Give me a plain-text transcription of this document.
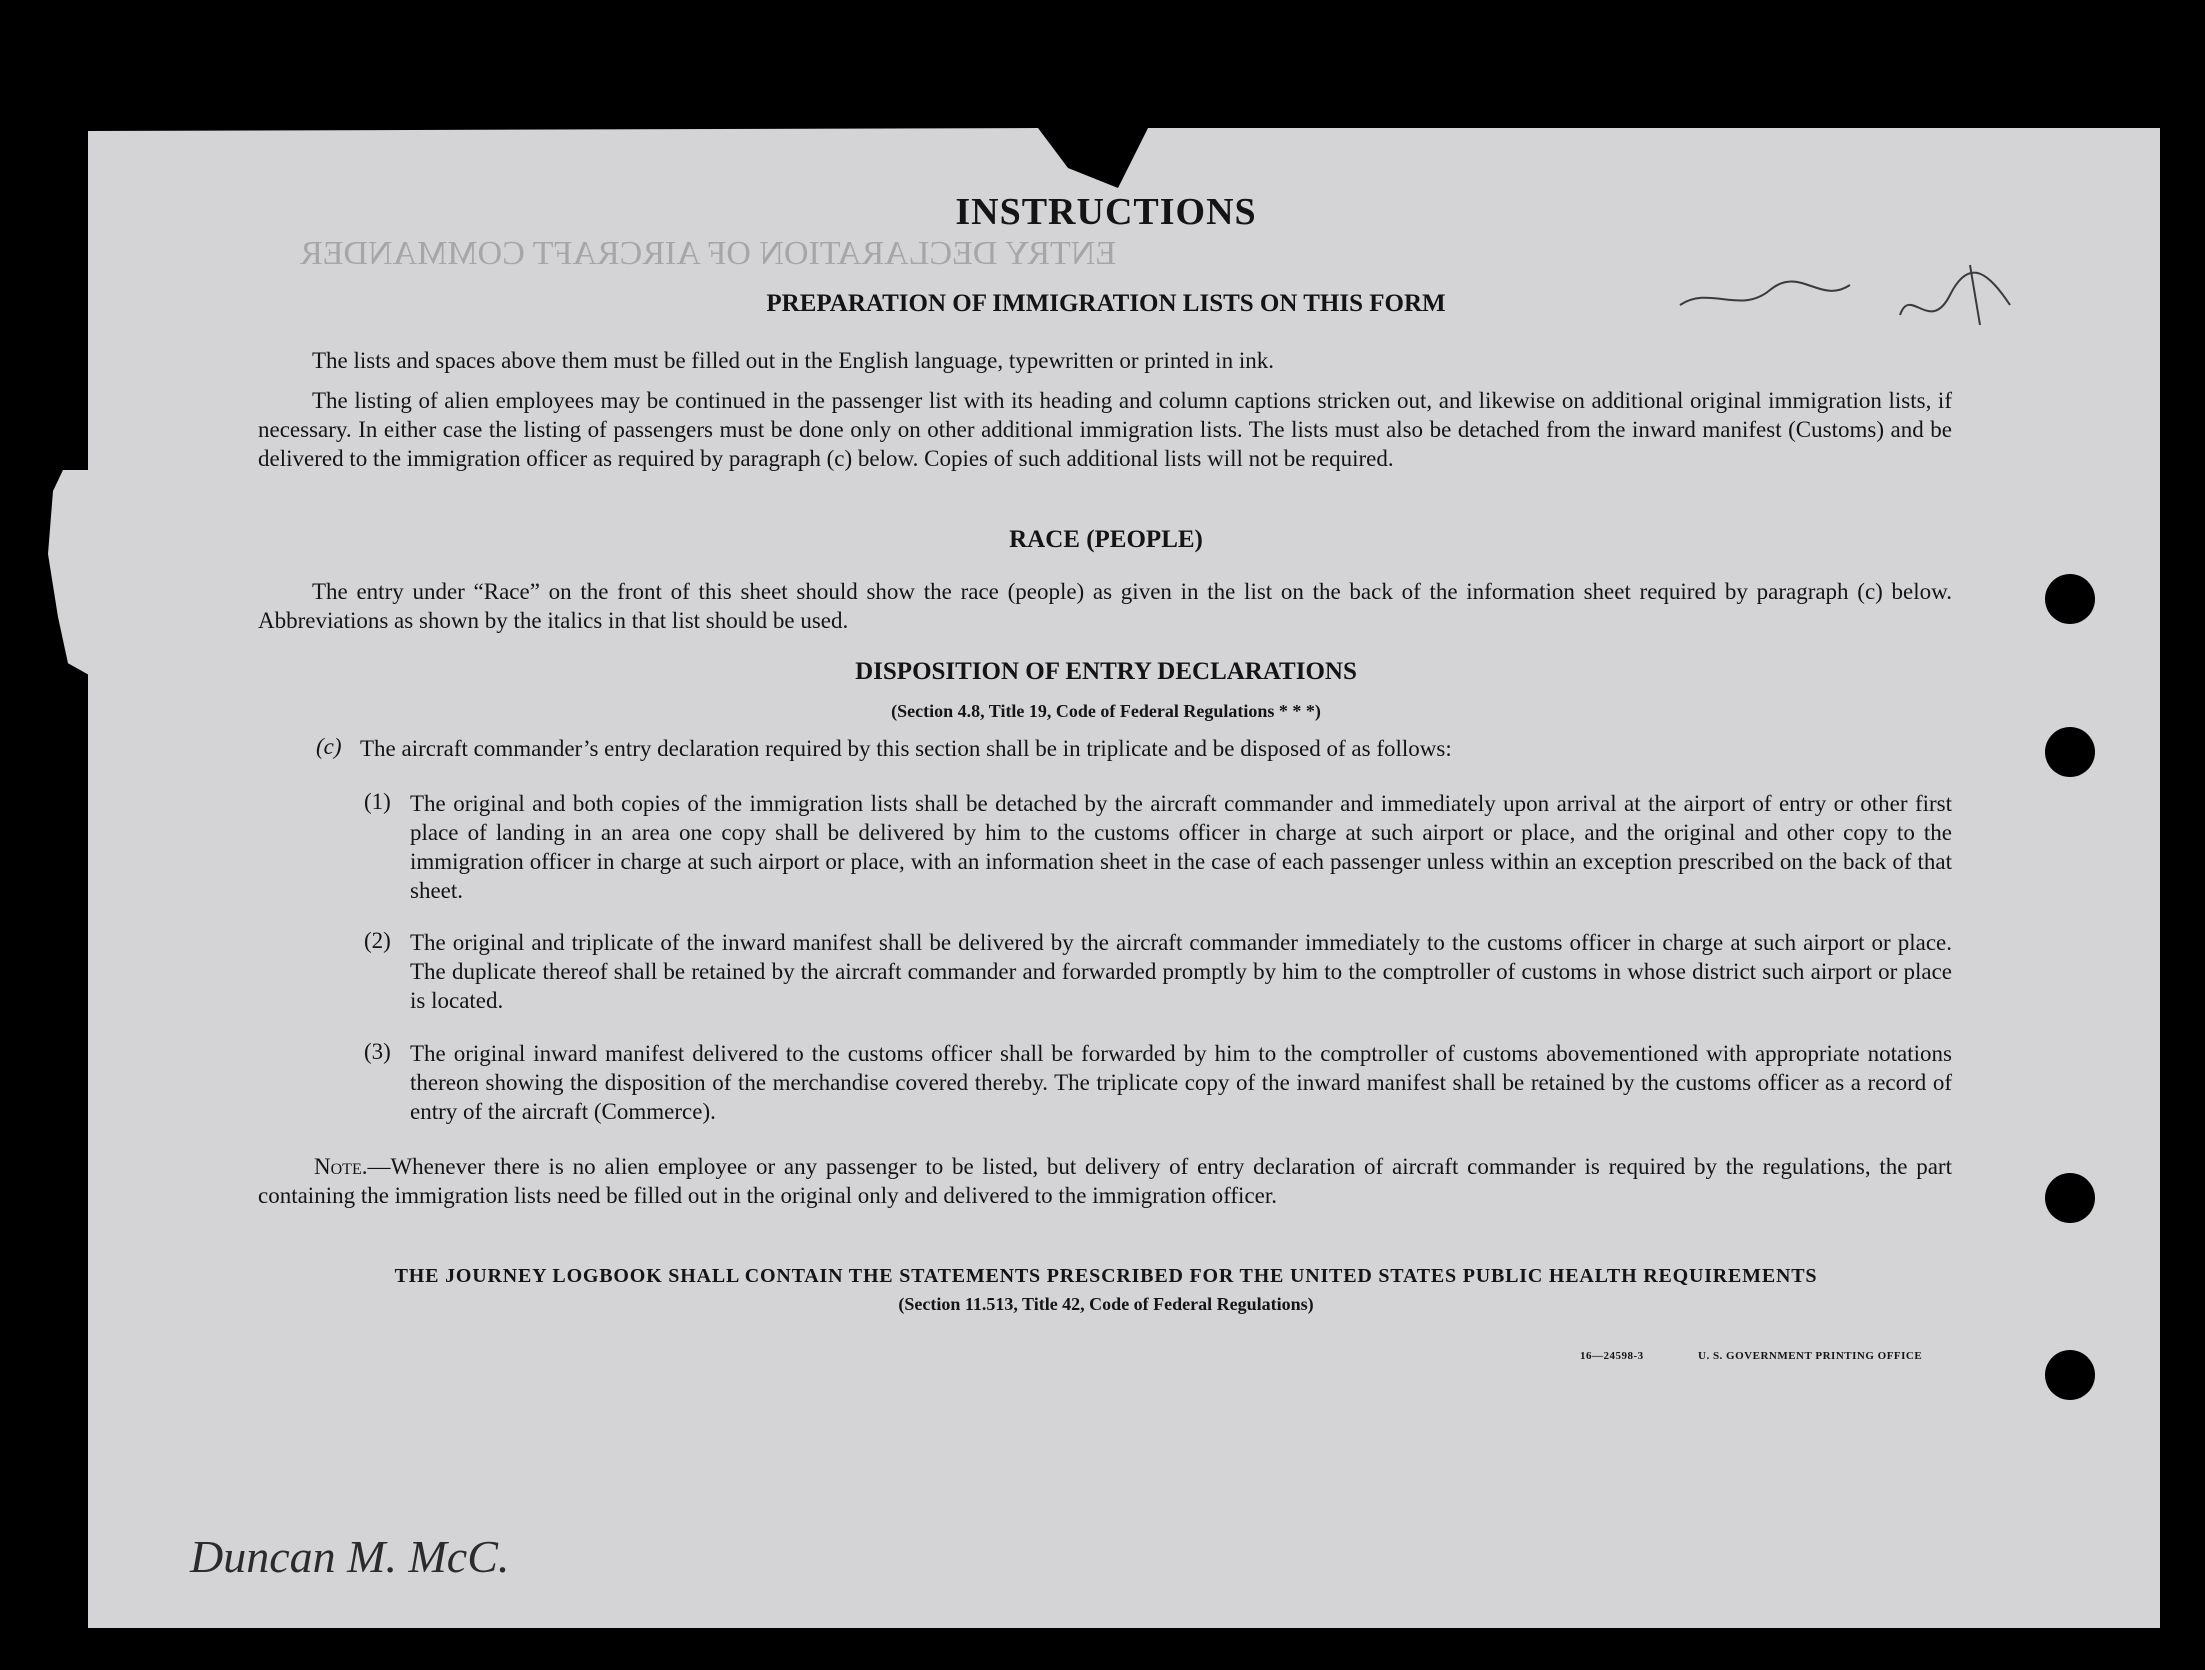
ENTRY DECLARATION OF AIRCRAFT COMMANDER
INSTRUCTIONS
PREPARATION OF IMMIGRATION LISTS ON THIS FORM
The lists and spaces above them must be filled out in the English language, typewritten or printed in ink.
The listing of alien employees may be continued in the passenger list with its heading and column captions stricken out, and likewise on additional original immigration lists, if necessary. In either case the listing of passengers must be done only on other additional immigration lists. The lists must also be detached from the inward manifest (Customs) and be delivered to the immigration officer as required by paragraph (c) below. Copies of such additional lists will not be required.
RACE (PEOPLE)
The entry under “Race” on the front of this sheet should show the race (people) as given in the list on the back of the information sheet required by paragraph (c) below. Abbreviations as shown by the italics in that list should be used.
DISPOSITION OF ENTRY DECLARATIONS
(Section 4.8, Title 19, Code of Federal Regulations * * *)
(c) The aircraft commander’s entry declaration required by this section shall be in triplicate and be disposed of as follows:
(1) The original and both copies of the immigration lists shall be detached by the aircraft commander and immediately upon arrival at the airport of entry or other first place of landing in an area one copy shall be delivered by him to the customs officer in charge at such airport or place, and the original and other copy to the immigration officer in charge at such airport or place, with an information sheet in the case of each passenger unless within an exception prescribed on the back of that sheet.
(2) The original and triplicate of the inward manifest shall be delivered by the aircraft commander immediately to the customs officer in charge at such airport or place. The duplicate thereof shall be retained by the aircraft commander and forwarded promptly by him to the comptroller of customs in whose district such airport or place is located.
(3) The original inward manifest delivered to the customs officer shall be forwarded by him to the comptroller of customs abovementioned with appropriate notations thereon showing the disposition of the merchandise covered thereby. The triplicate copy of the inward manifest shall be retained by the customs officer as a record of entry of the aircraft (Commerce).
Note.—Whenever there is no alien employee or any passenger to be listed, but delivery of entry declaration of aircraft commander is required by the regulations, the part containing the immigration lists need be filled out in the original only and delivered to the immigration officer.
THE JOURNEY LOGBOOK SHALL CONTAIN THE STATEMENTS PRESCRIBED FOR THE UNITED STATES PUBLIC HEALTH REQUIREMENTS
(Section 11.513, Title 42, Code of Federal Regulations)
16—24598-3	U. S. GOVERNMENT PRINTING OFFICE
Duncan M. McC.
